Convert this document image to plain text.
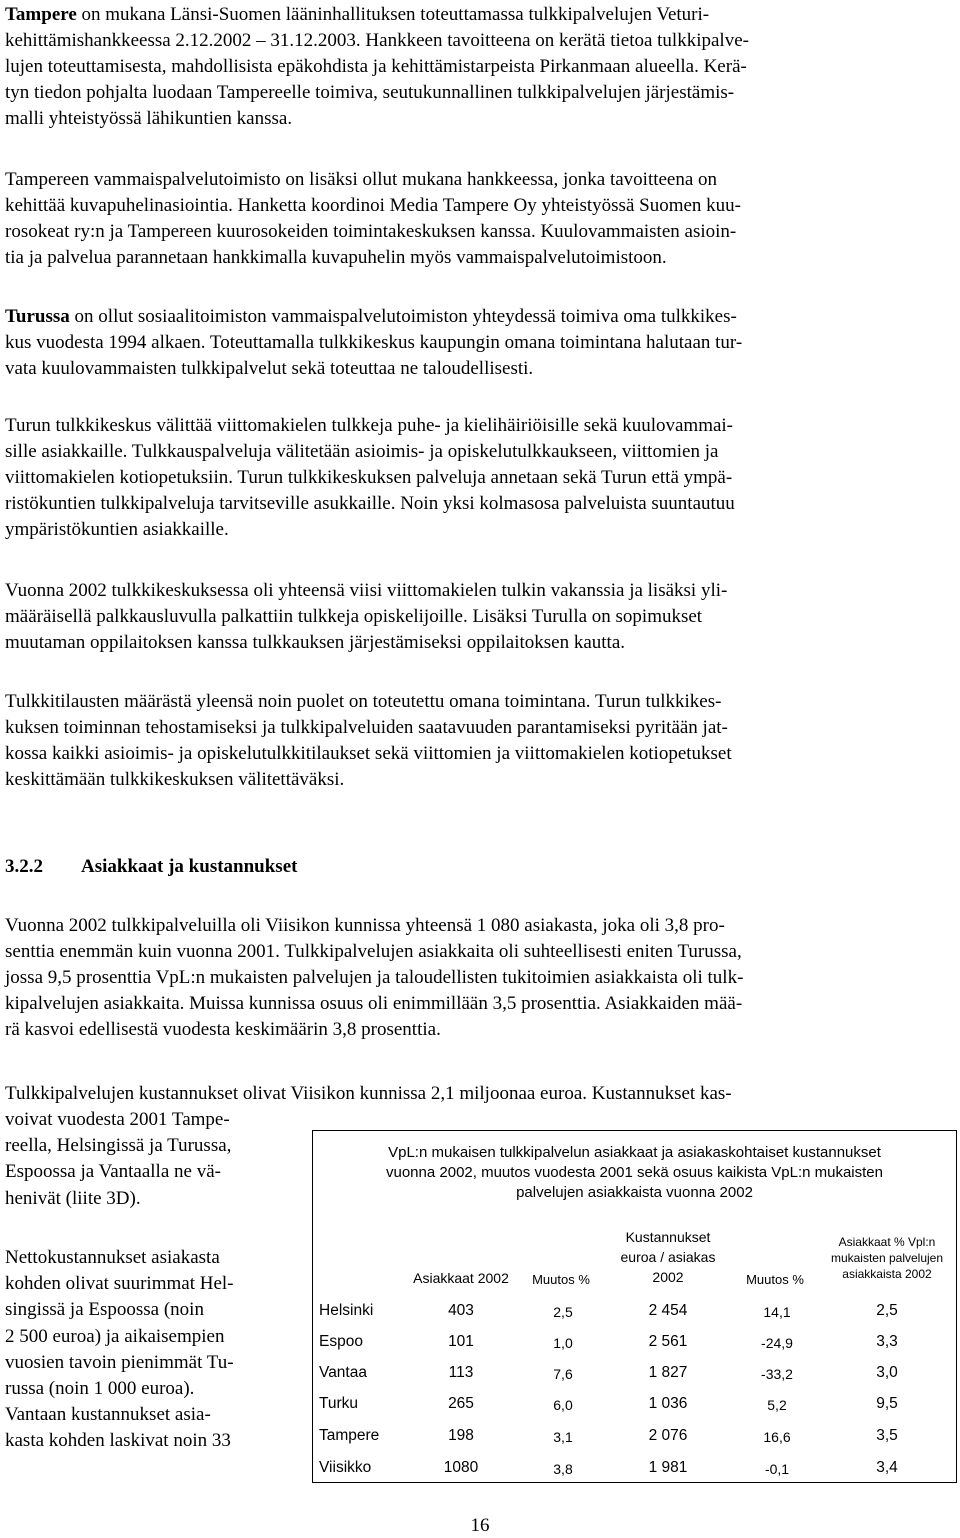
Tampere on mukana Länsi-Suomen lääninhallituksen toteuttamassa tulkkipalvelujen Veturi-
kehittämishankkeessa 2.12.2002 – 31.12.2003. Hankkeen tavoitteena on kerätä tietoa tulkkipalve-
lujen toteuttamisesta, mahdollisista epäkohdista ja kehittämistarpeista Pirkanmaan alueella. Kerä-
tyn tiedon pohjalta luodaan Tampereelle toimiva, seutukunnallinen tulkkipalvelujen järjestämis-
malli yhteistyössä lähikuntien kanssa.
Tampereen vammaispalvelutoimisto on lisäksi ollut mukana hankkeessa, jonka tavoitteena on
kehittää kuvapuhelinasiointia. Hanketta koordinoi Media Tampere Oy yhteistyössä Suomen kuu-
rosokeat ry:n ja Tampereen kuurosokeiden toimintakeskuksen kanssa. Kuulovammaisten asioin-
tia ja palvelua parannetaan hankkimalla kuvapuhelin myös vammaispalvelutoimistoon.
Turussa on ollut sosiaalitoimiston vammaispalvelutoimiston yhteydessä toimiva oma tulkkikes-
kus vuodesta 1994 alkaen. Toteuttamalla tulkkikeskus kaupungin omana toimintana halutaan tur-
vata kuulovammaisten tulkkipalvelut sekä toteuttaa ne taloudellisesti.
Turun tulkkikeskus välittää viittomakielen tulkkeja puhe- ja kielihäiriöisille sekä kuulovammai-
sille asiakkaille. Tulkkauspalveluja välitetään asioimis- ja opiskelutulkkaukseen, viittomien ja
viittomakielen kotiopetuksiin. Turun tulkkikeskuksen palveluja annetaan sekä Turun että ympä-
ristökuntien tulkkipalveluja tarvitseville asukkaille. Noin yksi kolmasosa palveluista suuntautuu
ympäristökuntien asiakkaille.
Vuonna 2002 tulkkikeskuksessa oli yhteensä viisi viittomakielen tulkin vakanssia ja lisäksi yli-
määräisellä palkkausluvulla palkattiin tulkkeja opiskelijoille. Lisäksi Turulla on sopimukset
muutaman oppilaitoksen kanssa tulkkauksen järjestämiseksi oppilaitoksen kautta.
Tulkkitilausten määrästä yleensä noin puolet on toteutettu omana toimintana. Turun tulkkikes-
kuksen toiminnan tehostamiseksi ja tulkkipalveluiden saatavuuden parantamiseksi pyritään jat-
kossa kaikki asioimis- ja opiskelutulkkitilaukset sekä viittomien ja viittomakielen kotiopetukset
keskittämään tulkkikeskuksen välitettäväksi.
3.2.2 Asiakkaat ja kustannukset
Vuonna 2002 tulkkipalveluilla oli Viisikon kunnissa yhteensä 1 080 asiakasta, joka oli 3,8 pro-
senttia enemmän kuin vuonna 2001. Tulkkipalvelujen asiakkaita oli suhteellisesti eniten Turussa,
jossa 9,5 prosenttia VpL:n mukaisten palvelujen ja taloudellisten tukitoimien asiakkaista oli tulk-
kipalvelujen asiakkaita. Muissa kunnissa osuus oli enimmillään 3,5 prosenttia. Asiakkaiden mää-
rä kasvoi edellisestä vuodesta keskimäärin 3,8 prosenttia.
Tulkkipalvelujen kustannukset olivat Viisikon kunnissa 2,1 miljoonaa euroa. Kustannukset kas-
voivat vuodesta 2001 Tampe-
reella, Helsingissä ja Turussa,
Espoossa ja Vantaalla ne vä-
henivät (liite 3D).
Nettokustannukset asiakasta
kohden olivat suurimmat Hel-
singissä ja Espoossa (noin
2 500 euroa) ja aikaisempien
vuosien tavoin pienimmät Tu-
russa (noin 1 000 euroa).
Vantaan kustannukset asia-
kasta kohden laskivat noin 33
VpL:n mukaisen tulkkipalvelun asiakkaat ja asiakaskohtaiset kustannukset
vuonna 2002, muutos vuodesta 2001 sekä osuus kaikista VpL:n mukaisten
palvelujen asiakkaista vuonna 2002
Asiakkaat 2002	Muutos %
Kustannukset
euroa / asiakas
2002	Muutos %
Asiakkaat % Vpl:n
mukaisten palvelujen
asiakkaista 2002
Helsinki	403	2,5	2 454	14,1	2,5
Espoo	101	1,0	2 561	-24,9	3,3
Vantaa	113	7,6	1 827	-33,2	3,0
Turku	265	6,0	1 036	5,2	9,5
Tampere	198	3,1	2 076	16,6	3,5
Viisikko	1080	3,8	1 981	-0,1	3,4
16
